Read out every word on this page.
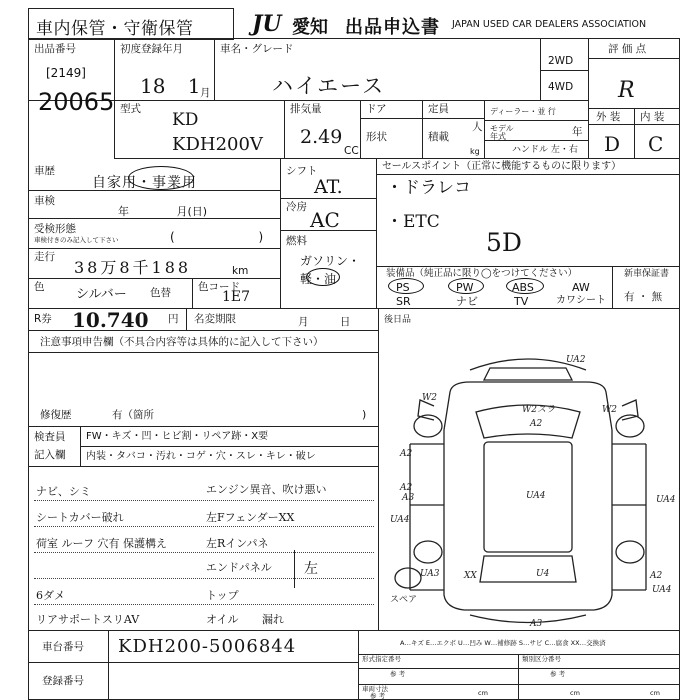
車内保管・守衛保管	JU 愛知 出品申込書 JAPAN USED CAR DEALERS ASSOCIATION
出品番号
[2149]
20065
初度登録年月
18 1 月
車名・グレード
ハイエース
2WD
4WD
評 価 点
R
外 装 内 装
D C
型式
KD
KDH200V
排気量
2.49
CC
ドア	定員
人
形状	積載
kg
ディーラー・並 行
モデル 年式	年
ハンドル 左・右
車歴
自家用・事業用
車検
年 月(日)
受検形態
車検付きのみ記入して下さい	( )
走行
38万8千188	km
色 シルバー 色替	色コード
1E7
シフト
AT.
冷房
AC
燃料
ガソリン・軽・油
セールスポイント（正常に機能するものに限ります）
・ドラレコ
・ETC
5D
装備品（純正品に限り◯をつけてください）
PS	PW	ABS	AW
SR	ナビ	TV	カワシート
新車保証書
有 ・ 無
R券 10.740 円 名変期限	月 日	後日品
注意事項申告欄（不具合内容等は具体的に記入して下さい）
修復歴	有（箇所	)
検査員
記入欄
FW・キズ・凹・ヒビ割・リペア跡・X要
内装・タバコ・汚れ・コゲ・穴・スレ・キレ・破レ
ナビ、シミ
シートカバー破れ
荷室 ルーフ 穴有 保護構え
エンジン異音、吹け悪い
左FフェンダーXX
左Rインパネ
エンドパネル 左
6ダメ	トップ
リアサポートスリAV	オイル 漏れ
車台番号 KDH200-5006844
登録番号
A…キズ E…エクボ U…凹み W…補修跡 S…サビ C…腐食 XX…交換済
形式指定番号	類別区分番号
参 考	参 考
車両寸法
参 考	cm	cm	cm
UA2
W2
W2スラ
A2
W2
A2
A3	UA4
A2
UA4
UA4
XX	U4	A2
UA4
UA3
A3
スペア
